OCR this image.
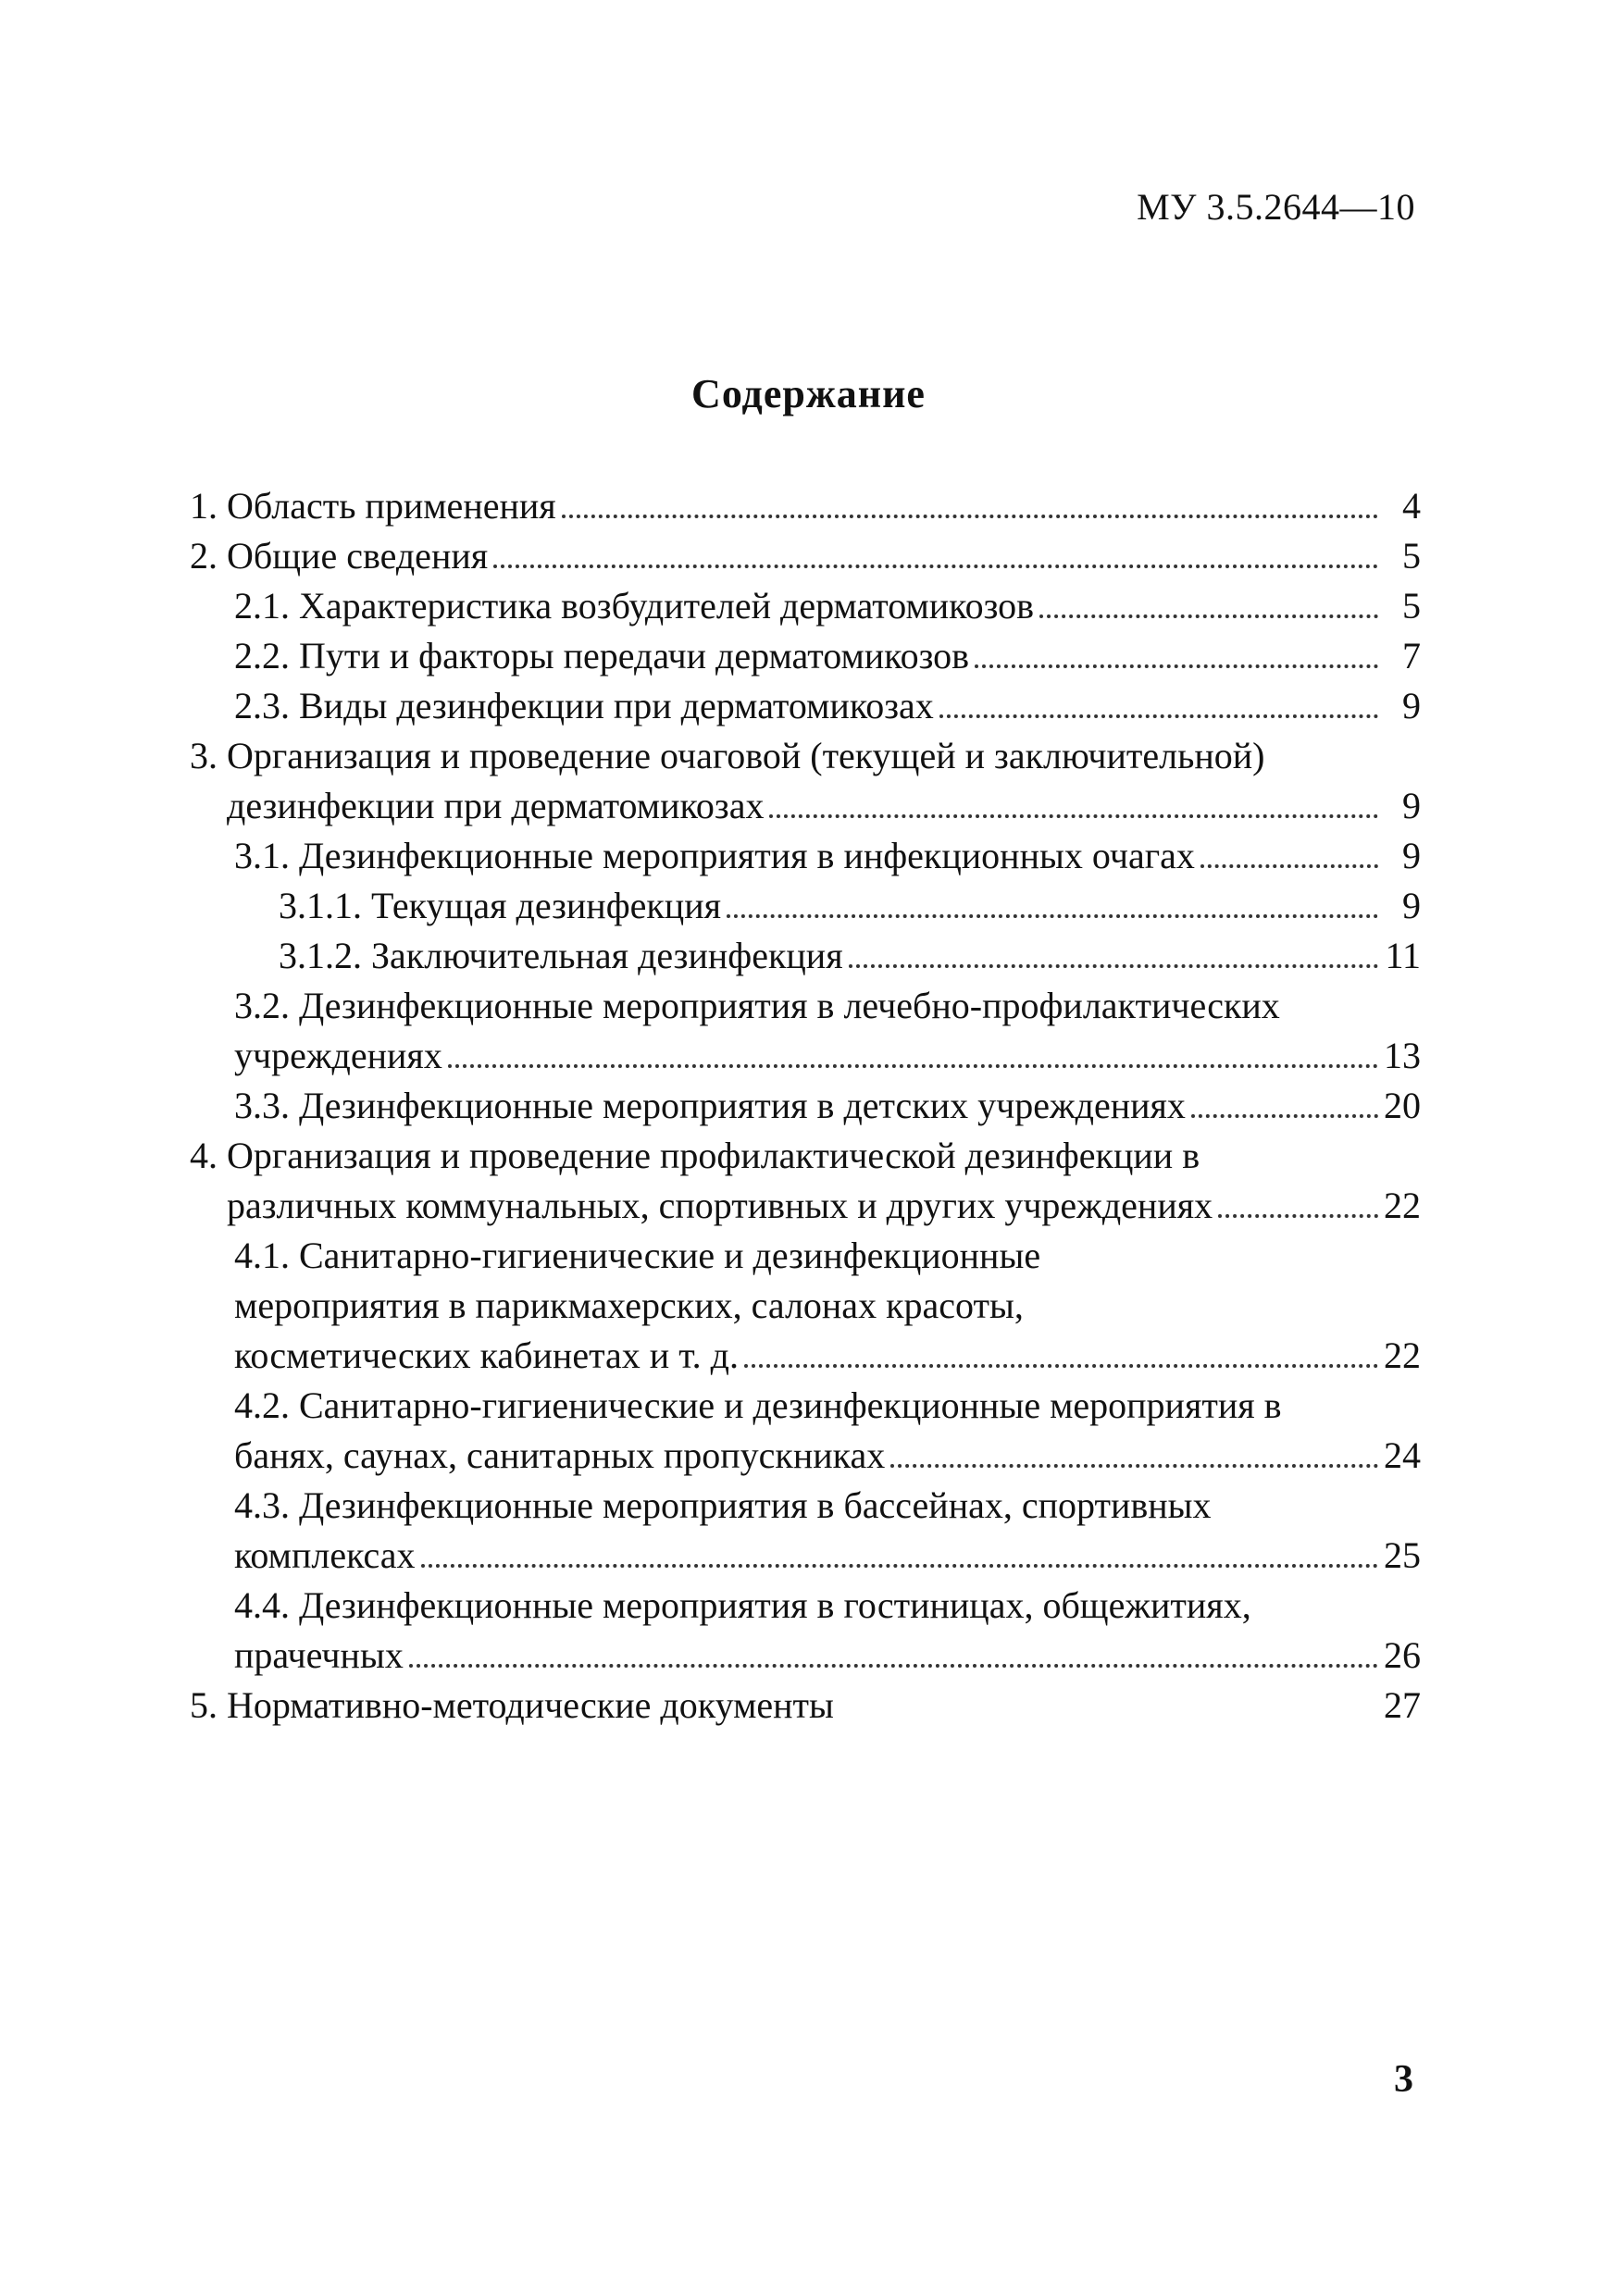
МУ 3.5.2644—10
Содержание
1. Область применения	4
2. Общие сведения	5
2.1. Характеристика возбудителей дерматомикозов	5
2.2. Пути и факторы передачи дерматомикозов	7
2.3. Виды дезинфекции при дерматомикозах	9
3. Организация и проведение очаговой (текущей и заключительной)
дезинфекции при дерматомикозах	9
3.1. Дезинфекционные мероприятия в инфекционных очагах	9
3.1.1. Текущая дезинфекция	9
3.1.2. Заключительная дезинфекция	11
3.2. Дезинфекционные мероприятия в лечебно-профилактических
учреждениях	13
3.3. Дезинфекционные мероприятия в детских учреждениях	20
4. Организация и проведение профилактической дезинфекции в
различных коммунальных, спортивных и других учреждениях	22
4.1. Санитарно-гигиенические и дезинфекционные
мероприятия в парикмахерских, салонах красоты,
косметических кабинетах и т. д.	22
4.2. Санитарно-гигиенические и дезинфекционные мероприятия в
банях, саунах, санитарных пропускниках	24
4.3. Дезинфекционные мероприятия в бассейнах, спортивных
комплексах	25
4.4. Дезинфекционные мероприятия в гостиницах, общежитиях,
прачечных	26
5. Нормативно-методические документы	27
3
